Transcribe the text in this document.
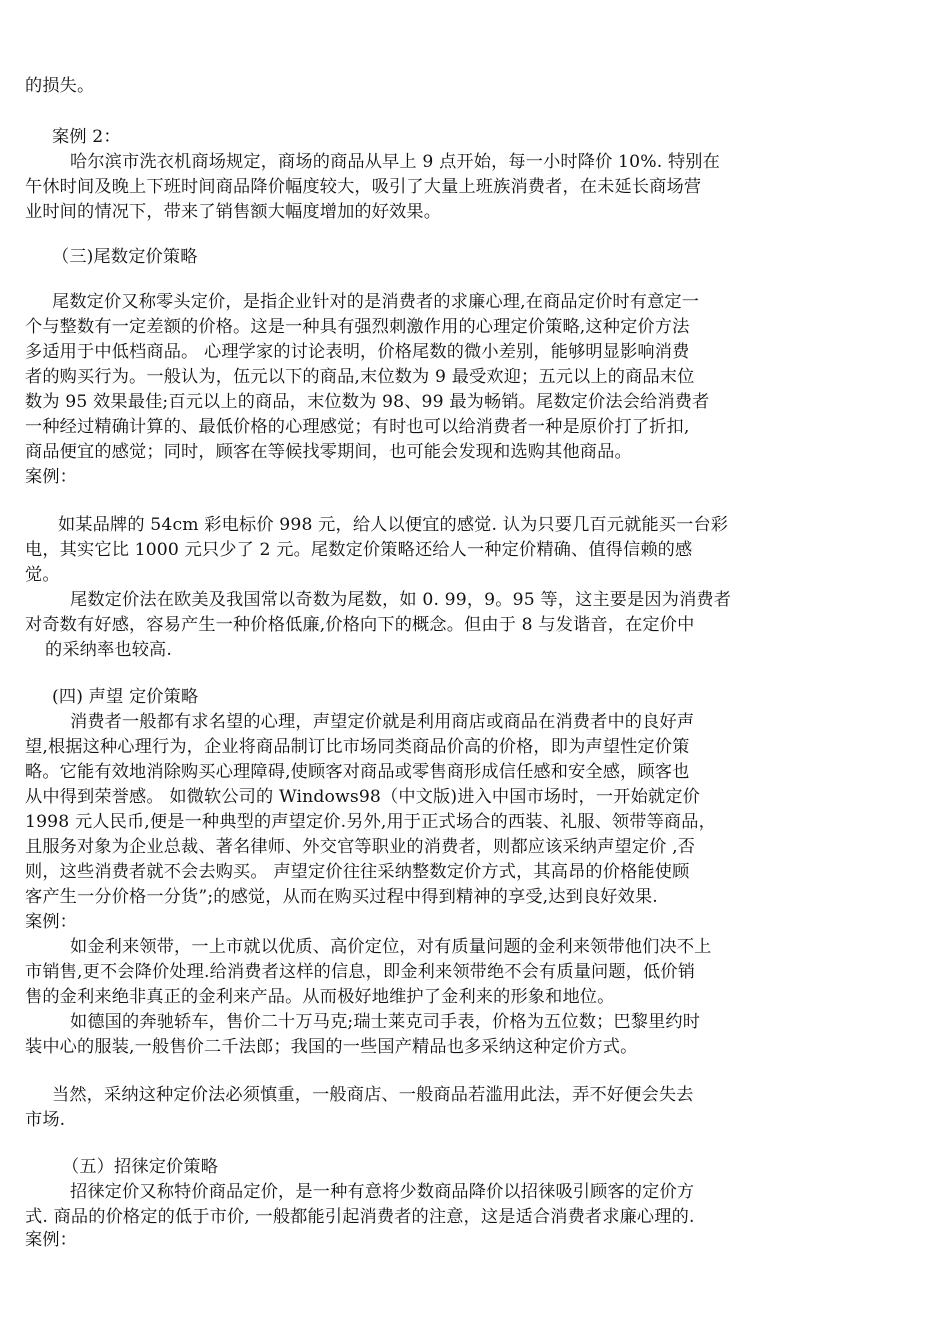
的损失。
案例 2：
哈尔滨市洗衣机商场规定，商场的商品从早上 9 点开始，每一小时降价 10%. 特别在
午休时间及晚上下班时间商品降价幅度较大，吸引了大量上班族消费者，在未延长商场营
业时间的情况下，带来了销售额大幅度增加的好效果。
（三)尾数定价策略
尾数定价又称零头定价，是指企业针对的是消费者的求廉心理,在商品定价时有意定一
个与整数有一定差额的价格。这是一种具有强烈刺激作用的心理定价策略,这种定价方法
多适用于中低档商品。 心理学家的讨论表明，价格尾数的微小差别，能够明显影响消费
者的购买行为。一般认为，伍元以下的商品,末位数为 9 最受欢迎；五元以上的商品末位
数为 95 效果最佳;百元以上的商品，末位数为 98、99 最为畅销。尾数定价法会给消费者
一种经过精确计算的、最低价格的心理感觉；有时也可以给消费者一种是原价打了折扣,
商品便宜的感觉；同时，顾客在等候找零期间，也可能会发现和选购其他商品。
案例：
如某品牌的 54cm 彩电标价 998 元，给人以便宜的感觉. 认为只要几百元就能买一台彩
电，其实它比 1000 元只少了 2 元。尾数定价策略还给人一种定价精确、值得信赖的感
觉。
尾数定价法在欧美及我国常以奇数为尾数，如 0. 99，9。95 等，这主要是因为消费者
对奇数有好感，容易产生一种价格低廉,价格向下的概念。但由于 8 与发谐音，在定价中
的采纳率也较高.
(四) 声望 定价策略
消费者一般都有求名望的心理，声望定价就是利用商店或商品在消费者中的良好声
望,根据这种心理行为，企业将商品制订比市场同类商品价高的价格，即为声望性定价策
略。它能有效地消除购买心理障碍,使顾客对商品或零售商形成信任感和安全感，顾客也
从中得到荣誉感。 如微软公司的 Windows98（中文版)进入中国市场时，一开始就定价
1998 元人民币,便是一种典型的声望定价.另外,用于正式场合的西装、礼服、领带等商品，
且服务对象为企业总裁、著名律师、外交官等职业的消费者，则都应该采纳声望定价 ,否
则，这些消费者就不会去购买。 声望定价往往采纳整数定价方式，其高昂的价格能使顾
客产生一分价格一分货”;的感觉，从而在购买过程中得到精神的享受,达到良好效果.
案例：
如金利来领带，一上市就以优质、高价定位，对有质量问题的金利来领带他们决不上
市销售,更不会降价处理.给消费者这样的信息，即金利来领带绝不会有质量问题，低价销
售的金利来绝非真正的金利来产品。从而极好地维护了金利来的形象和地位。
如德国的奔驰轿车，售价二十万马克;瑞士莱克司手表，价格为五位数；巴黎里约时
装中心的服装,一般售价二千法郎；我国的一些国产精品也多采纳这种定价方式。
当然，采纳这种定价法必须慎重，一般商店、一般商品若滥用此法，弄不好便会失去
市场.
（五）招徕定价策略
招徕定价又称特价商品定价，是一种有意将少数商品降价以招徕吸引顾客的定价方
式. 商品的价格定的低于市价, 一般都能引起消费者的注意，这是适合消费者求廉心理的.
案例：
